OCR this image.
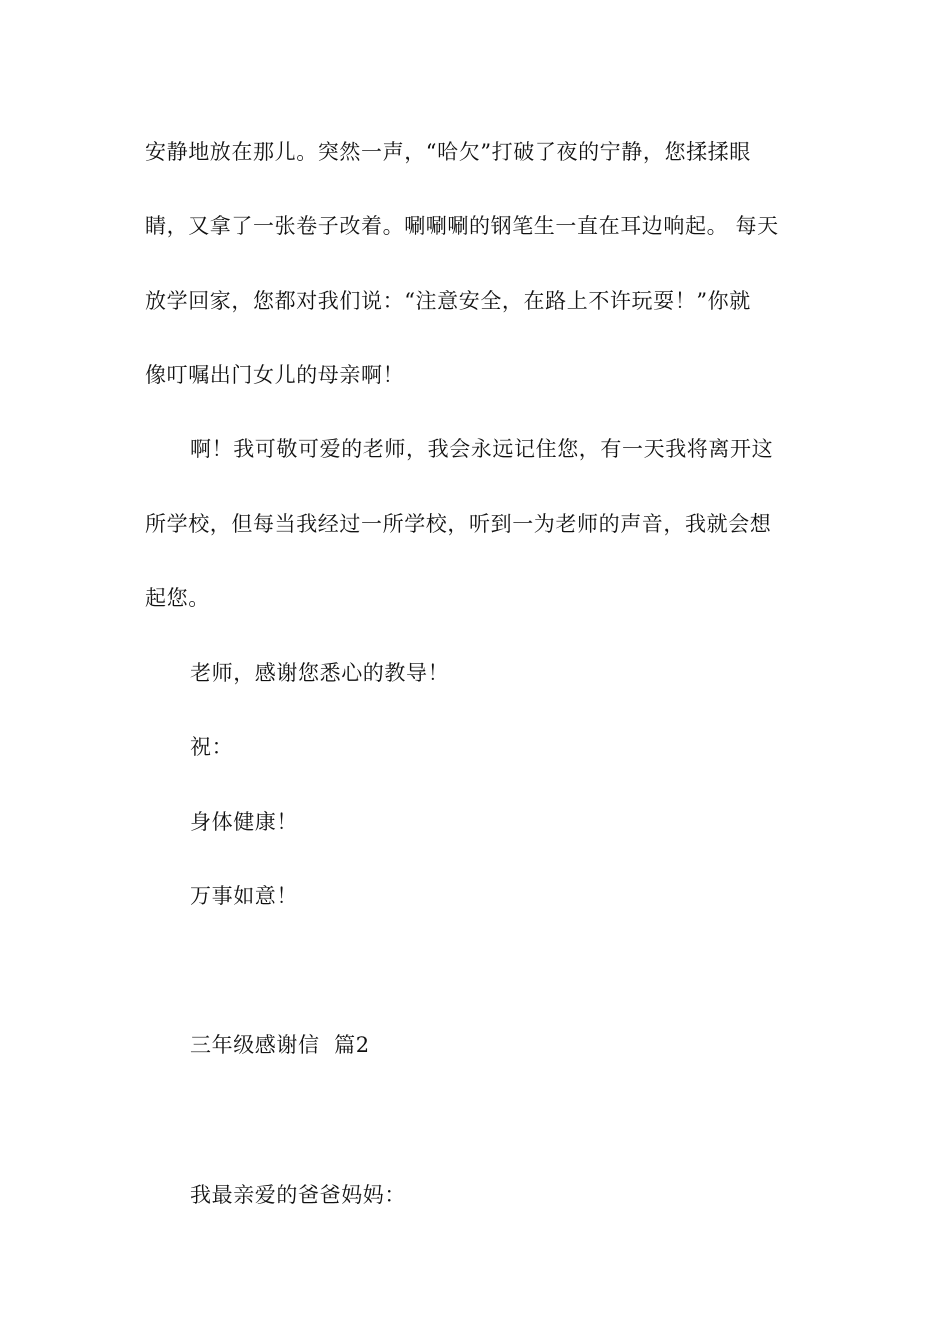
安静地放在那儿。突然一声，“哈欠”打破了夜的宁静，您揉揉眼
睛，又拿了一张卷子改着。唰唰唰的钢笔生一直在耳边响起。 每天
放学回家，您都对我们说：“注意安全，在路上不许玩耍！”你就
像叮嘱出门女儿的母亲啊！
啊！我可敬可爱的老师，我会永远记住您，有一天我将离开这
所学校，但每当我经过一所学校，听到一为老师的声音，我就会想
起您。
老师，感谢您悉心的教导！
祝：
身体健康！
万事如意！
三年级感谢信  篇2
我最亲爱的爸爸妈妈：
